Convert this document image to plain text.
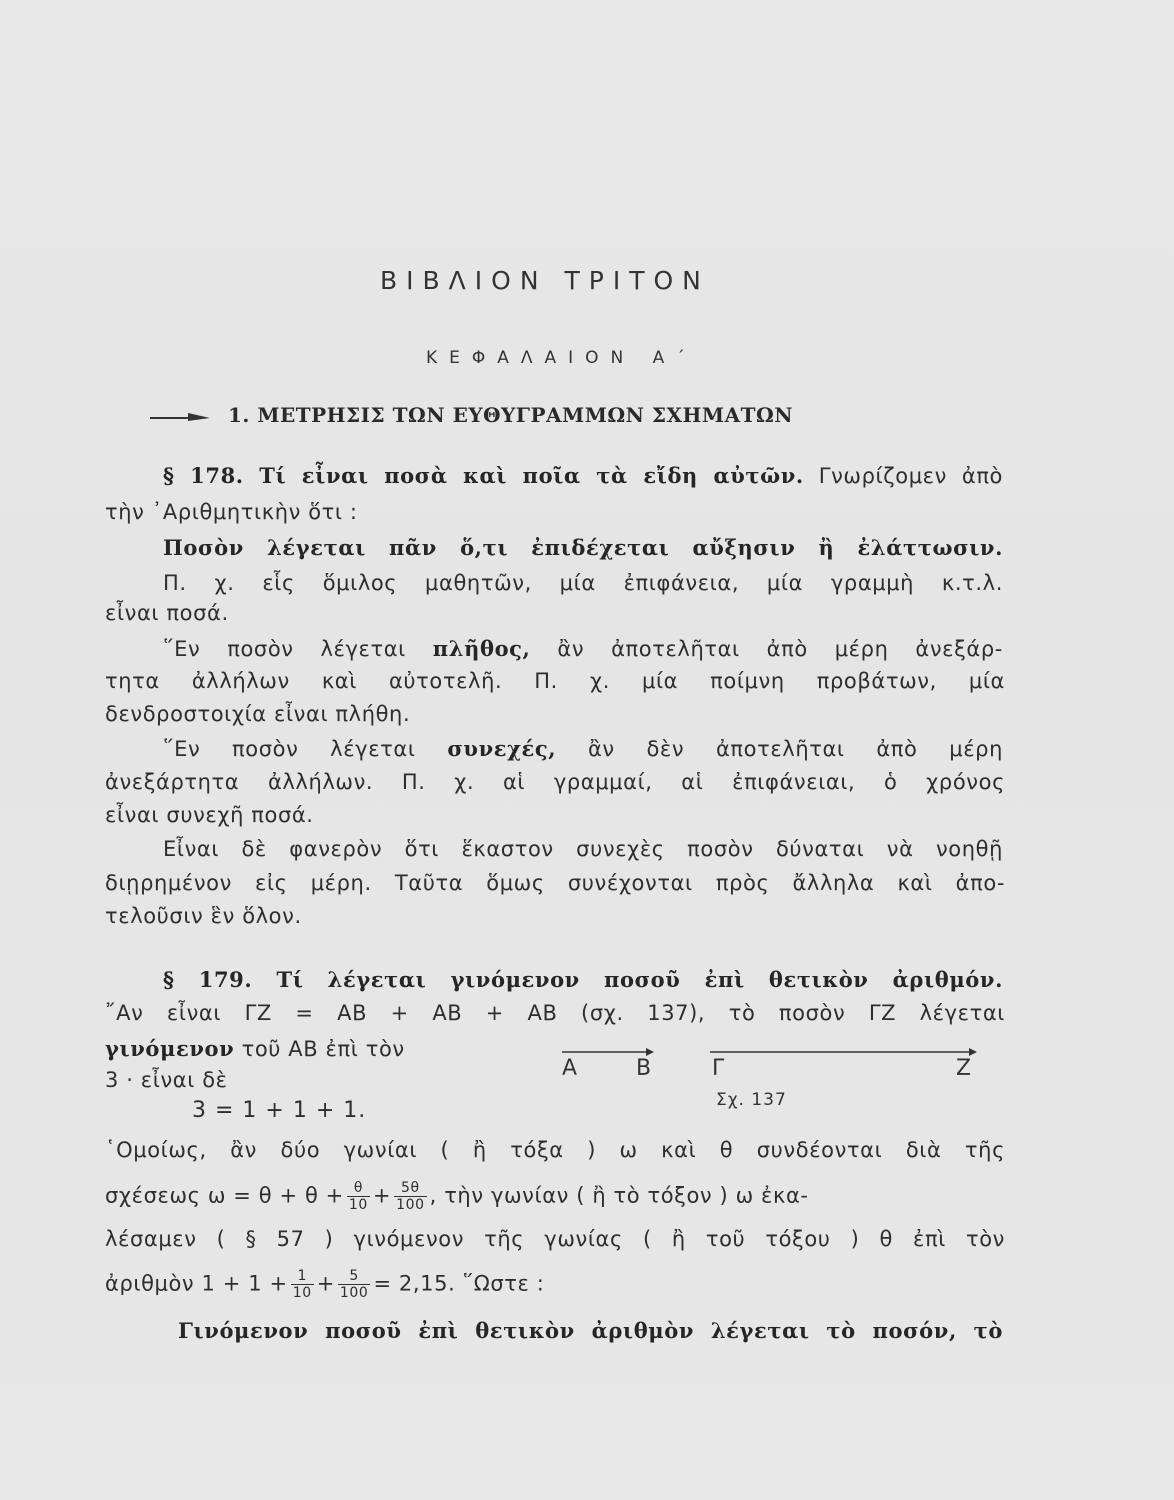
ΒΙΒΛΙΟΝ ΤΡΙΤΟΝ
ΚΕΦΑΛΑΙΟΝ Α΄
1. ΜΕΤΡΗΣΙΣ ΤΩΝ ΕΥΘΥΓΡΑΜΜΩΝ ΣΧΗΜΑΤΩΝ
§ 178. Τί εἶναι ποσὰ καὶ ποῖα τὰ εἴδη αὐτῶν. Γνωρίζομεν ἀπὸ
τὴν ᾿Αριθμητικὴν ὅτι :
Ποσὸν λέγεται πᾶν ὅ,τι ἐπιδέχεται αὔξησιν ἢ ἐλάττωσιν.
Π. χ. εἷς ὅμιλος μαθητῶν, μία ἐπιφάνεια, μία γραμμὴ κ.τ.λ.
εἶναι ποσά.
῞Εν ποσὸν λέγεται πλῆθος, ἂν ἀποτελῆται ἀπὸ μέρη ἀνεξάρ-
τητα ἀλλήλων καὶ αὐτοτελῆ. Π. χ. μία ποίμνη προβάτων, μία
δενδροστοιχία εἶναι πλήθη.
῞Εν ποσὸν λέγεται συνεχές, ἂν δὲν ἀποτελῆται ἀπὸ μέρη
ἀνεξάρτητα ἀλλήλων. Π. χ. αἱ γραμμαί, αἱ ἐπιφάνειαι, ὁ χρόνος
εἶναι συνεχῆ ποσά.
Εἶναι δὲ φανερὸν ὅτι ἕκαστον συνεχὲς ποσὸν δύναται νὰ νοηθῇ
διῃρημένον εἰς μέρη. Ταῦτα ὅμως συνέχονται πρὸς ἄλληλα καὶ ἀπο-
τελοῦσιν ἓν ὅλον.
§ 179. Τί λέγεται γινόμενον ποσοῦ ἐπὶ θετικὸν ἀριθμόν.
῎Αν εἶναι ΓΖ = ΑΒ + ΑΒ + ΑΒ (σχ. 137), τὸ ποσὸν ΓΖ λέγεται
γινόμενον τοῦ ΑΒ ἐπὶ τὸν
3 · εἶναι δὲ
3 = 1 + 1 + 1.
Α	Β	Γ	Ζ
Σχ. 137
῾Ομοίως, ἂν δύο γωνίαι ( ἢ τόξα ) ω καὶ θ συνδέονται διὰ τῆς
σχέσεως $\omega = \theta + \theta + \frac{\theta}{10} + \frac{5\theta}{100}$ , τὴν γωνίαν ( ἢ τὸ τόξον ) ω ἐκα-
λέσαμεν ( § 57 ) γινόμενον τῆς γωνίας ( ἢ τοῦ τόξου ) θ ἐπὶ τὸν
ἀριθμὸν $1 + 1 + \frac{1}{10} + \frac{5}{100} = 2,15$. ῞Ωστε :
Γινόμενον ποσοῦ ἐπὶ θετικὸν ἀριθμὸν λέγεται τὸ ποσόν, τὸ
